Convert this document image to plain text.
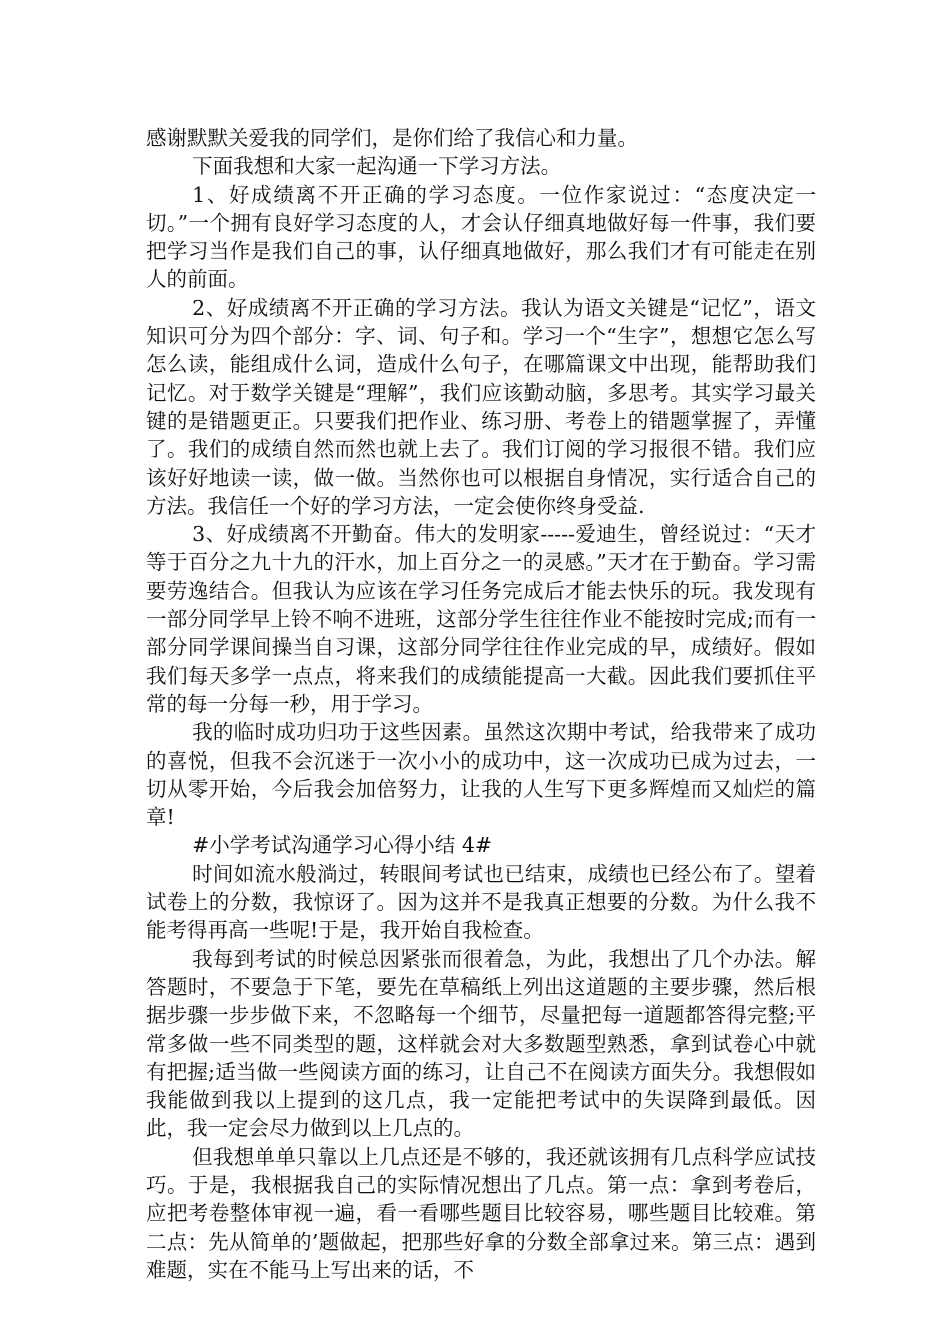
感谢默默关爱我的同学们，是你们给了我信心和力量。

下面我想和大家一起沟通一下学习方法。

1、好成绩离不开正确的学习态度。一位作家说过：“态度决定一切。”一个拥有良好学习态度的人，才会认仔细真地做好每一件事，我们要把学习当作是我们自己的事，认仔细真地做好，那么我们才有可能走在别人的前面。

2、好成绩离不开正确的学习方法。我认为语文关键是“记忆”，语文知识可分为四个部分：字、词、句子和。学习一个“生字”，想想它怎么写怎么读，能组成什么词，造成什么句子，在哪篇课文中出现，能帮助我们记忆。对于数学关键是“理解”，我们应该勤动脑，多思考。其实学习最关键的是错题更正。只要我们把作业、练习册、考卷上的错题掌握了，弄懂了。我们的成绩自然而然也就上去了。我们订阅的学习报很不错。我们应该好好地读一读，做一做。当然你也可以根据自身情况，实行适合自己的方法。我信任一个好的学习方法，一定会使你终身受益.

3、好成绩离不开勤奋。伟大的发明家-----爱迪生，曾经说过：“天才等于百分之九十九的汗水，加上百分之一的灵感。”天才在于勤奋。学习需要劳逸结合。但我认为应该在学习任务完成后才能去快乐的玩。我发现有一部分同学早上铃不响不进班，这部分学生往往作业不能按时完成;而有一部分同学课间操当自习课，这部分同学往往作业完成的早，成绩好。假如我们每天多学一点点，将来我们的成绩能提高一大截。因此我们要抓住平常的每一分每一秒，用于学习。

我的临时成功归功于这些因素。虽然这次期中考试，给我带来了成功的喜悦，但我不会沉迷于一次小小的成功中，这一次成功已成为过去，一切从零开始，今后我会加倍努力，让我的人生写下更多辉煌而又灿烂的篇章!

#小学考试沟通学习心得小结 4#

时间如流水般淌过，转眼间考试也已结束，成绩也已经公布了。望着试卷上的分数，我惊讶了。因为这并不是我真正想要的分数。为什么我不能考得再高一些呢!于是，我开始自我检查。

我每到考试的时候总因紧张而很着急，为此，我想出了几个办法。解答题时，不要急于下笔，要先在草稿纸上列出这道题的主要步骤，然后根据步骤一步步做下来，不忽略每一个细节，尽量把每一道题都答得完整;平常多做一些不同类型的题，这样就会对大多数题型熟悉，拿到试卷心中就有把握;适当做一些阅读方面的练习，让自己不在阅读方面失分。我想假如我能做到我以上提到的这几点，我一定能把考试中的失误降到最低。因此，我一定会尽力做到以上几点的。

但我想单单只靠以上几点还是不够的，我还就该拥有几点科学应试技巧。于是，我根据我自己的实际情况想出了几点。第一点：拿到考卷后，应把考卷整体审视一遍，看一看哪些题目比较容易，哪些题目比较难。第二点：先从简单的’题做起，把那些好拿的分数全部拿过来。第三点：遇到难题，实在不能马上写出来的话，不
